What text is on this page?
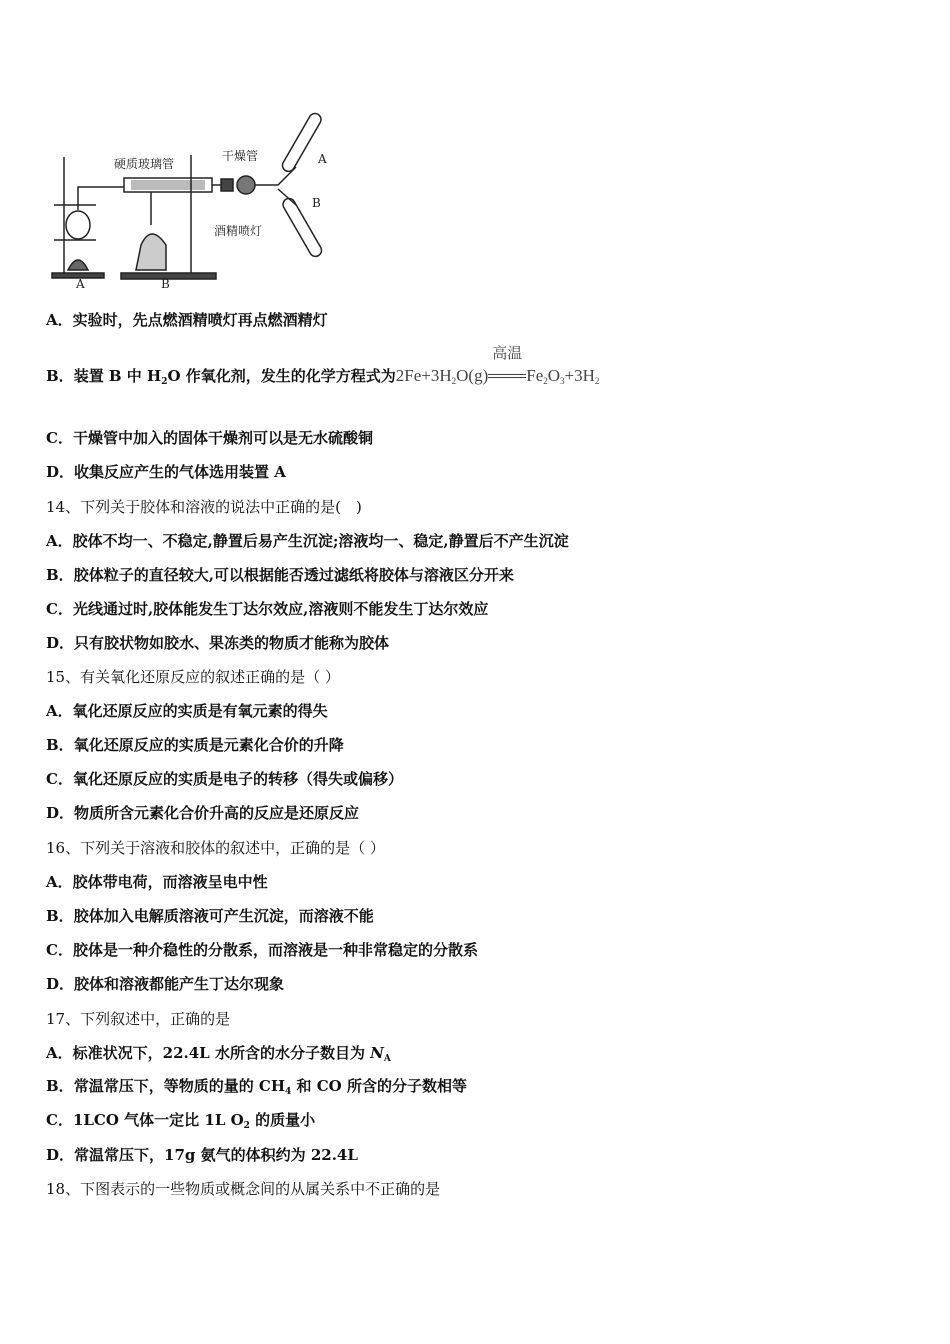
硬质玻璃管
干燥管
酒精喷灯
A	B
A
B
A．实验时，先点燃酒精喷灯再点燃酒精灯
B．装置 B 中 $H_2O$ 作氧化剂，发生的化学方程式为$2Fe+3H_2O(g)$
高温
$Fe_2O_3+3H_2$
C．干燥管中加入的固体干燥剂可以是无水硫酸铜
D．收集反应产生的气体选用装置 A
14、下列关于胶体和溶液的说法中正确的是(　)
A．胶体不均一、不稳定,静置后易产生沉淀;溶液均一、稳定,静置后不产生沉淀
B．胶体粒子的直径较大,可以根据能否透过滤纸将胶体与溶液区分开来
C．光线通过时,胶体能发生丁达尔效应,溶液则不能发生丁达尔效应
D．只有胶状物如胶水、果冻类的物质才能称为胶体
15、有关氧化还原反应的叙述正确的是（ ）
A．氧化还原反应的实质是有氧元素的得失
B．氧化还原反应的实质是元素化合价的升降
C．氧化还原反应的实质是电子的转移（得失或偏移）
D．物质所含元素化合价升高的反应是还原反应
16、下列关于溶液和胶体的叙述中，正确的是（ ）
A．胶体带电荷，而溶液呈电中性
B．胶体加入电解质溶液可产生沉淀，而溶液不能
C．胶体是一种介稳性的分散系，而溶液是一种非常稳定的分散系
D．胶体和溶液都能产生丁达尔现象
17、下列叙述中，正确的是
A．标准状况下，22.4L 水所含的水分子数目为 $N_A$
B．常温常压下，等物质的量的 $CH_4$ 和 CO 所含的分子数相等
C．1LCO 气体一定比 1L $O_2$ 的质量小
D．常温常压下，17g 氨气的体积约为 22.4L
18、下图表示的一些物质或概念间的从属关系中不正确的是
